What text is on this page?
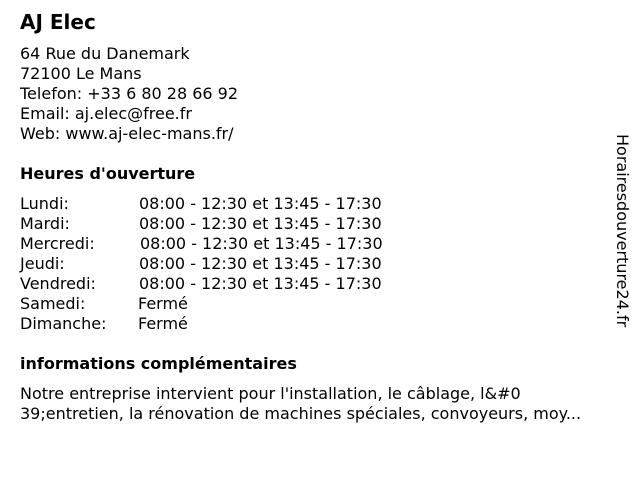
AJ Elec
64 Rue du Danemark
72100 Le Mans
Telefon: +33 6 80 28 66 92
Email: aj.elec@free.fr
Web: www.aj-elec-mans.fr/
Heures d'ouverture
Lundi:	08:00 - 12:30 et 13:45 - 17:30
Mardi:	08:00 - 12:30 et 13:45 - 17:30
Mercredi:	08:00 - 12:30 et 13:45 - 17:30
Jeudi:	08:00 - 12:30 et 13:45 - 17:30
Vendredi:	08:00 - 12:30 et 13:45 - 17:30
Samedi:	Fermé
Dimanche: Fermé
informations complémentaires
Notre entreprise intervient pour l'installation, le câblage, l&#0
39;entretien, la rénovation de machines spéciales, convoyeurs, moy...
Horairesdouverture24.fr
